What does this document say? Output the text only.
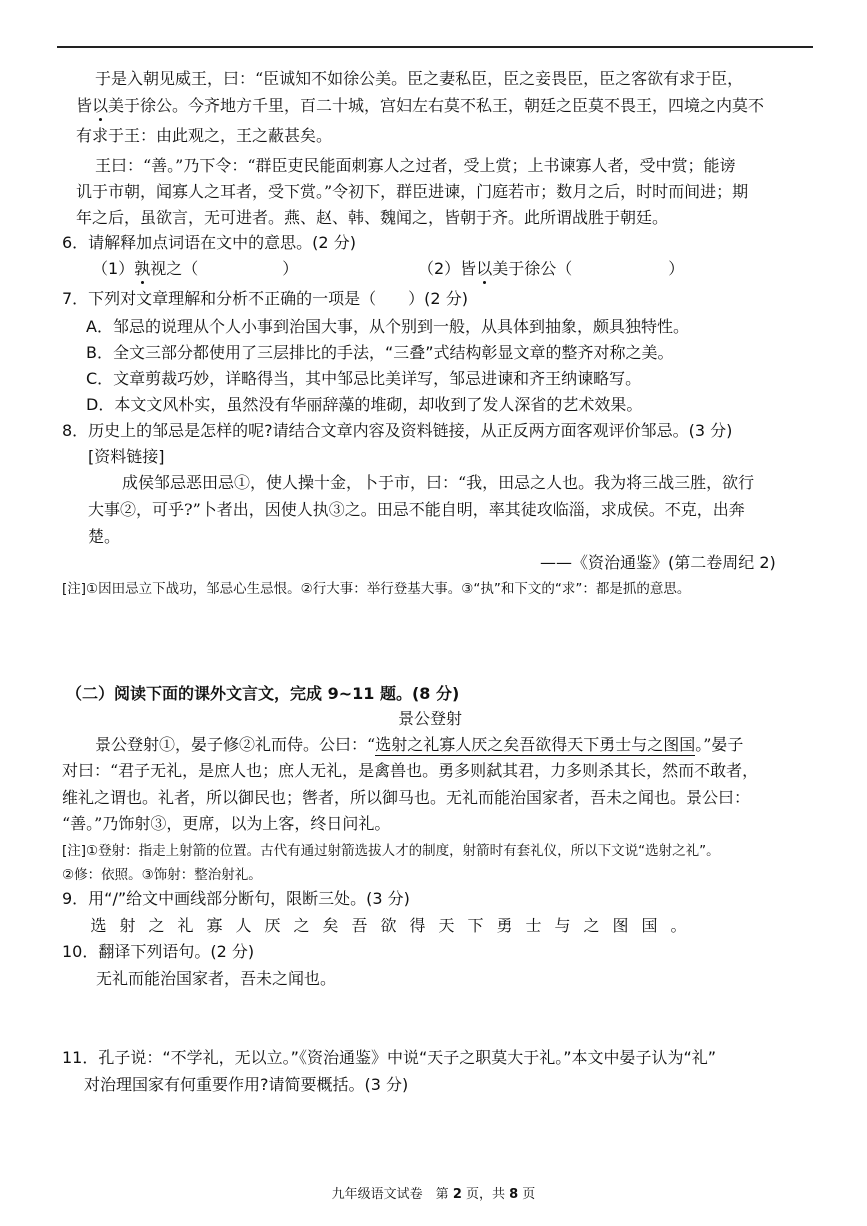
于是入朝见威王，曰：“臣诚知不如徐公美。臣之妻私臣，臣之妾畏臣，臣之客欲有求于臣，
皆以美于徐公。今齐地方千里，百二十城，宫妇左右莫不私王，朝廷之臣莫不畏王，四境之内莫不
有求于王：由此观之，王之蔽甚矣。
王曰：“善。”乃下令：“群臣吏民能面刺寡人之过者，受上赏；上书谏寡人者，受中赏；能谤
讥于市朝，闻寡人之耳者，受下赏。”令初下，群臣进谏，门庭若市；数月之后，时时而间进；期
年之后，虽欲言，无可进者。燕、赵、韩、魏闻之，皆朝于齐。此所谓战胜于朝廷。
6．请解释加点词语在文中的意思。(2 分)
（1）孰视之（	）	（2）皆以美于徐公（	）
7．下列对文章理解和分析不正确的一项是（　　）(2 分)
A．邹忌的说理从个人小事到治国大事，从个别到一般，从具体到抽象，颇具独特性。
B．全文三部分都使用了三层排比的手法，“三叠”式结构彰显文章的整齐对称之美。
C．文章剪裁巧妙，详略得当，其中邹忌比美详写，邹忌进谏和齐王纳谏略写。
D．本文文风朴实，虽然没有华丽辞藻的堆砌，却收到了发人深省的艺术效果。
8．历史上的邹忌是怎样的呢?请结合文章内容及资料链接，从正反两方面客观评价邹忌。(3 分)
[资料链接]
成侯邹忌恶田忌①，使人操十金，卜于市，曰：“我，田忌之人也。我为将三战三胜，欲行
大事②，可乎?”卜者出，因使人执③之。田忌不能自明，率其徒攻临淄，求成侯。不克，出奔
楚。
——《资治通鉴》(第二卷周纪 2)
[注]①因田忌立下战功，邹忌心生忌恨。②行大事：举行登基大事。③“执”和下文的“求”：都是抓的意思。
（二）阅读下面的课外文言文，完成 9~11 题。(8 分)
景公登射
景公登射①，晏子修②礼而侍。公曰：“选射之礼寡人厌之矣吾欲得天下勇士与之图国。”晏子
对曰：“君子无礼，是庶人也；庶人无礼，是禽兽也。勇多则弑其君，力多则杀其长，然而不敢者，
维礼之谓也。礼者，所以御民也；辔者，所以御马也。无礼而能治国家者，吾未之闻也。景公曰：
“善。”乃饰射③，更席，以为上客，终日问礼。
[注]①登射：指走上射箭的位置。古代有通过射箭选拔人才的制度，射箭时有套礼仪，所以下文说“选射之礼”。
②修：依照。③饰射：整治射礼。
9．用“/”给文中画线部分断句，限断三处。(3 分)
选 射 之 礼 寡 人 厌 之 矣 吾 欲 得 天 下 勇 士 与 之 图 国 。
10．翻译下列语句。(2 分)
无礼而能治国家者，吾未之闻也。
11．孔子说：“不学礼，无以立。”《资治通鉴》中说“天子之职莫大于礼。”本文中晏子认为“礼”
对治理国家有何重要作用?请简要概括。(3 分)
九年级语文试卷　第 2 页，共 8 页
